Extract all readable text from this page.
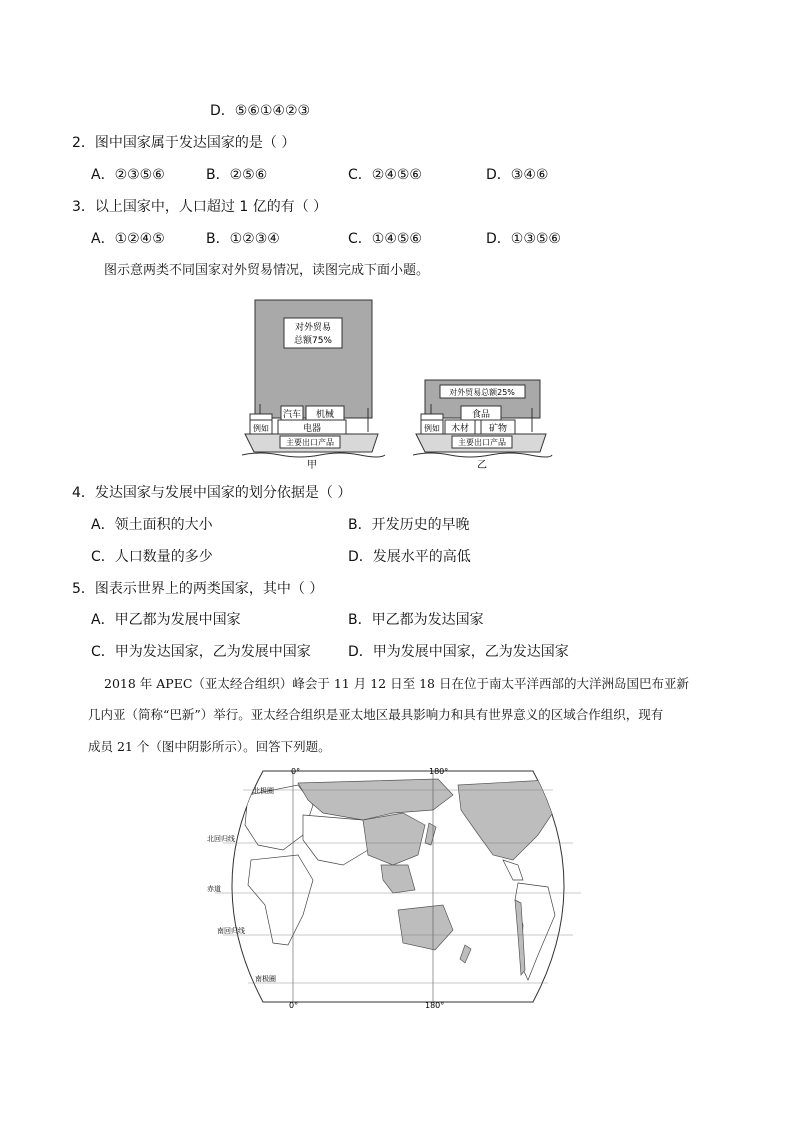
D．⑤⑥①④②③
2．图中国家属于发达国家的是（ ）
A．②③⑤⑥	B．②⑤⑥	C．②④⑤⑥	D．③④⑥
3．以上国家中，人口超过 1 亿的有（ ）
A．①②④⑤	B．①②③④	C．①④⑤⑥	D．①③⑤⑥
图示意两类不同国家对外贸易情况，读图完成下面小题。
对外贸易
总额75%
汽车 机械
电器
例如
主要出口产品
甲
对外贸易总额25%
食品
木材 矿物
例如
主要出口产品
乙
4．发达国家与发展中国家的划分依据是（ ）
A．领土面积的大小	B．开发历史的早晚
C．人口数量的多少	D．发展水平的高低
5．图表示世界上的两类国家，其中（ ）
A．甲乙都为发展中国家	B．甲乙都为发达国家
C．甲为发达国家，乙为发展中国家	D．甲为发展中国家，乙为发达国家
2018 年 APEC（亚太经合组织）峰会于 11 月 12 日至 18 日在位于南太平洋西部的大洋洲岛国巴布亚新
几内亚（简称“巴新”）举行。亚太经合组织是亚太地区最具影响力和具有世界意义的区域合作组织，现有
成员 21 个（图中阴影所示）。回答下列题。
0°	180°
0°	180°
北极圈
北回归线
赤道
南回归线
南极圈
